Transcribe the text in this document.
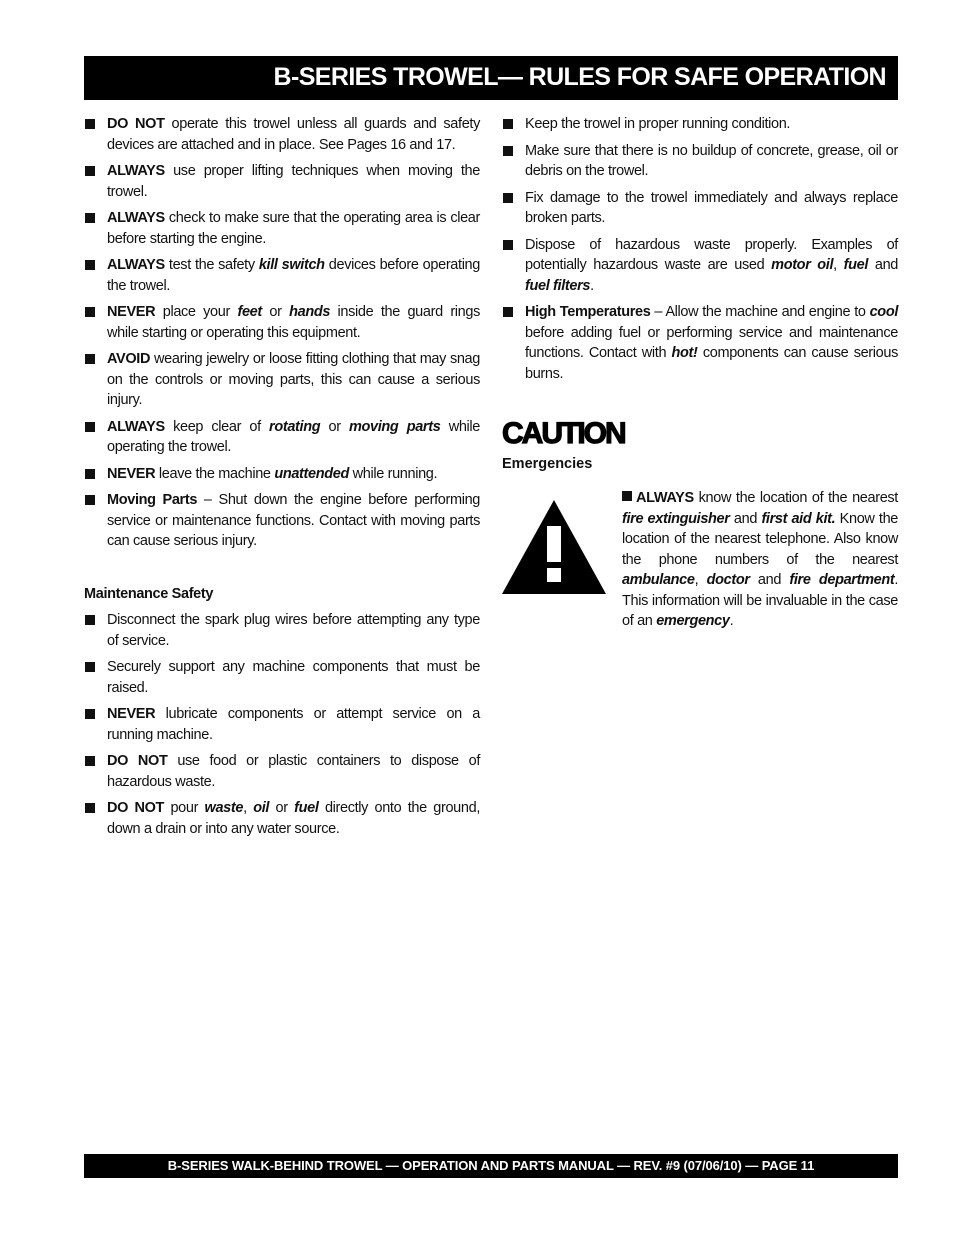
B-SERIES TROWEL— RULES FOR SAFE OPERATION
DO NOT operate this trowel unless all guards and safety devices are attached and in place. See Pages 16 and 17.
ALWAYS use proper lifting techniques when moving the trowel.
ALWAYS check to make sure that the operating area is clear before starting the engine.
ALWAYS test the safety kill switch devices before operating the trowel.
NEVER place your feet or hands inside the guard rings while starting or operating this equipment.
AVOID wearing jewelry or loose fitting clothing that may snag on the controls or moving parts, this can cause a serious injury.
ALWAYS keep clear of rotating or moving parts while operating the trowel.
NEVER leave the machine unattended while running.
Moving Parts – Shut down the engine before performing service or maintenance functions. Contact with moving parts can cause serious injury.
Maintenance Safety
Disconnect the spark plug wires before attempting any type of service.
Securely support any machine components that must be raised.
NEVER lubricate components or attempt service on a running machine.
DO NOT use food or plastic containers to dispose of hazardous waste.
DO NOT pour waste, oil or fuel directly onto the ground, down a drain or into any water source.
Keep the trowel in proper running condition.
Make sure that there is no buildup of concrete, grease, oil or debris on the trowel.
Fix damage to the trowel immediately and always replace broken parts.
Dispose of hazardous waste properly. Examples of potentially hazardous waste are used motor oil, fuel and fuel filters.
High Temperatures – Allow the machine and engine to cool before adding fuel or performing service and maintenance functions. Contact with hot! components can cause serious burns.
CAUTION
Emergencies
ALWAYS know the location of the nearest fire extinguisher and first aid kit. Know the location of the nearest telephone. Also know the phone numbers of the nearest ambulance, doctor and fire department. This information will be invaluable in the case of an emergency.
B-SERIES WALK-BEHIND TROWEL — OPERATION AND PARTS MANUAL — REV. #9 (07/06/10) — PAGE 11
